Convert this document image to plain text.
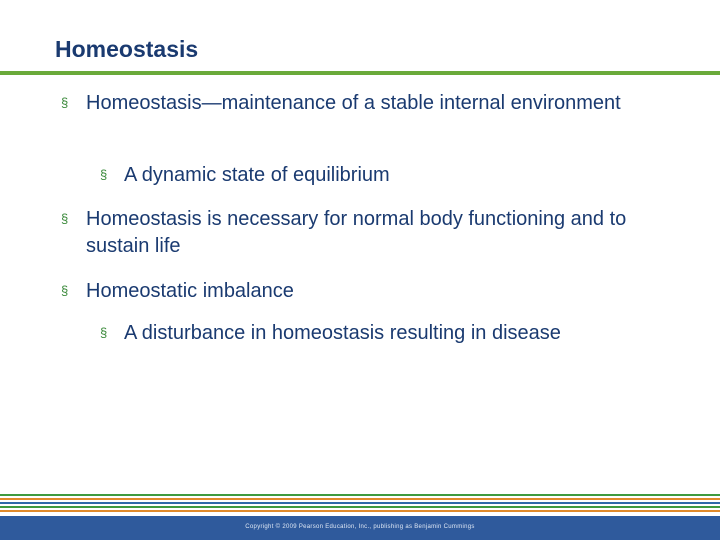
Homeostasis
§ Homeostasis—maintenance of a stable internal environment
§ A dynamic state of equilibrium
§ Homeostasis is necessary for normal body functioning and to sustain life
§ Homeostatic imbalance
§ A disturbance in homeostasis resulting in disease
Copyright © 2009 Pearson Education, Inc., publishing as Benjamin Cummings
